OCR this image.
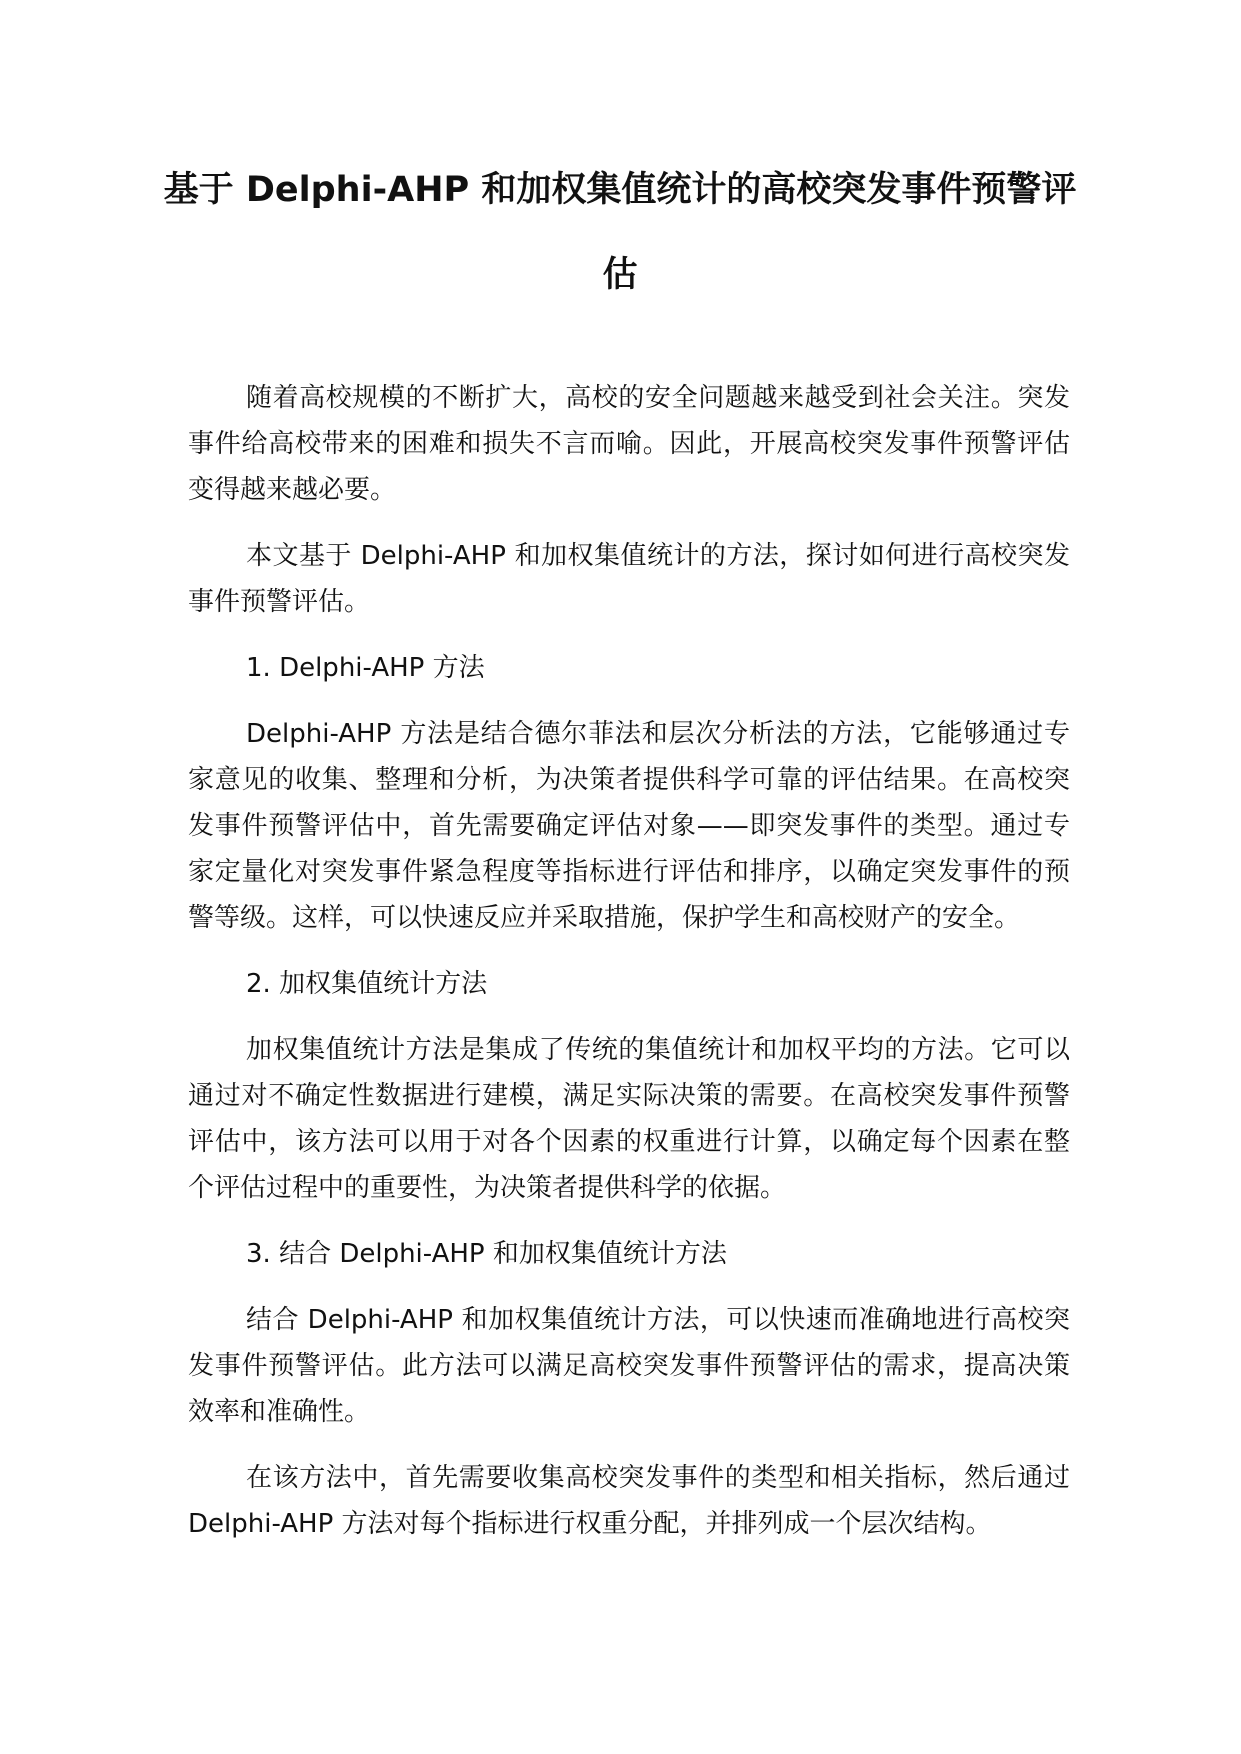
基于 Delphi-AHP 和加权集值统计的高校突发事件预警评估

随着高校规模的不断扩大，高校的安全问题越来越受到社会关注。突发事件给高校带来的困难和损失不言而喻。因此，开展高校突发事件预警评估变得越来越必要。

本文基于 Delphi-AHP 和加权集值统计的方法，探讨如何进行高校突发事件预警评估。

1. Delphi-AHP 方法

Delphi-AHP 方法是结合德尔菲法和层次分析法的方法，它能够通过专家意见的收集、整理和分析，为决策者提供科学可靠的评估结果。在高校突发事件预警评估中，首先需要确定评估对象——即突发事件的类型。通过专家定量化对突发事件紧急程度等指标进行评估和排序，以确定突发事件的预警等级。这样，可以快速反应并采取措施，保护学生和高校财产的安全。

2. 加权集值统计方法

加权集值统计方法是集成了传统的集值统计和加权平均的方法。它可以通过对不确定性数据进行建模，满足实际决策的需要。在高校突发事件预警评估中，该方法可以用于对各个因素的权重进行计算，以确定每个因素在整个评估过程中的重要性，为决策者提供科学的依据。

3. 结合 Delphi-AHP 和加权集值统计方法

结合 Delphi-AHP 和加权集值统计方法，可以快速而准确地进行高校突发事件预警评估。此方法可以满足高校突发事件预警评估的需求，提高决策效率和准确性。

在该方法中，首先需要收集高校突发事件的类型和相关指标，然后通过 Delphi-AHP 方法对每个指标进行权重分配，并排列成一个层次结构。
